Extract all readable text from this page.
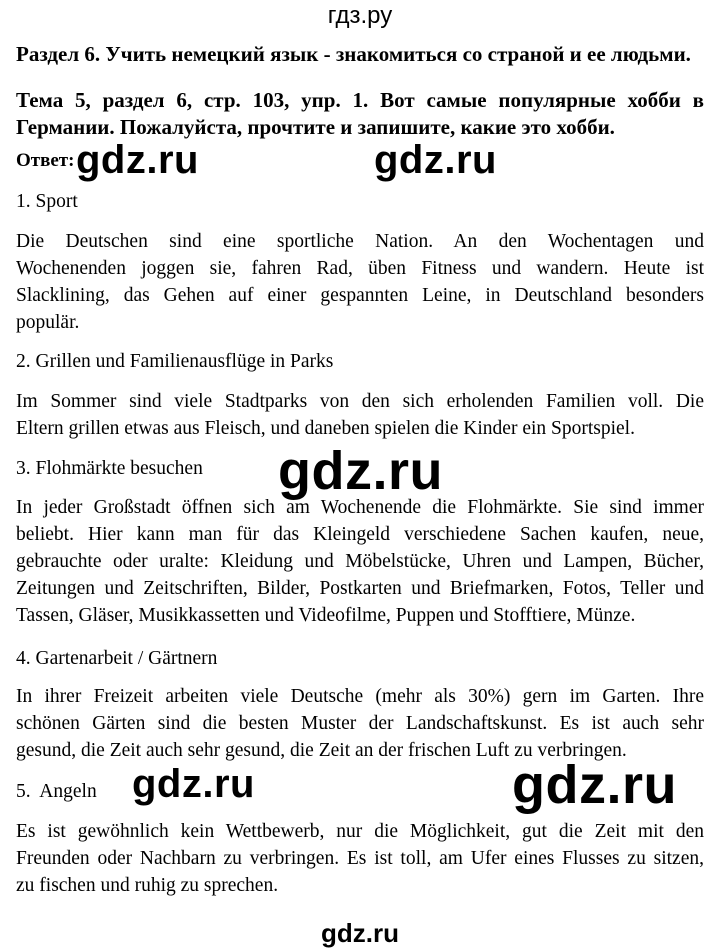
гдз.ру
Раздел 6. Учить немецкий язык - знакомиться со страной и ее людьми.
Тема 5, раздел 6, стр. 103, упр. 1. Вот самые популярные хобби в
Германии. Пожалуйста, прочтите и запишите, какие это хобби.
Ответ: gdz.ru	gdz.ru
gdz.ru
gdz.ru	gdz.ru
1. Sport
Die Deutschen sind eine sportliche Nation. An den Wochentagen und
Wochenenden joggen sie, fahren Rad, üben Fitness und wandern. Heute ist
Slacklining, das Gehen auf einer gespannten Leine, in Deutschland besonders
populär.
2. Grillen und Familienausflüge in Parks
Im Sommer sind viele Stadtparks von den sich erholenden Familien voll. Die
Eltern grillen etwas aus Fleisch, und daneben spielen die Kinder ein Sportspiel.
3. Flohmärkte besuchen
In jeder Großstadt öffnen sich am Wochenende die Flohmärkte. Sie sind immer
beliebt. Hier kann man für das Kleingeld verschiedene Sachen kaufen, neue,
gebrauchte oder uralte: Kleidung und Möbelstücke, Uhren und Lampen, Bücher,
Zeitungen und Zeitschriften, Bilder, Postkarten und Briefmarken, Fotos, Teller und
Tassen, Gläser, Musikkassetten und Videofilme, Puppen und Stofftiere, Münze.
4. Gartenarbeit / Gärtnern
In ihrer Freizeit arbeiten viele Deutsche (mehr als 30%) gern im Garten. Ihre
schönen Gärten sind die besten Muster der Landschaftskunst. Es ist auch sehr
gesund, die Zeit auch sehr gesund, die Zeit an der frischen Luft zu verbringen.
5.  Angeln
Es ist gewöhnlich kein Wettbewerb, nur die Möglichkeit, gut die Zeit mit den
Freunden oder Nachbarn zu verbringen. Es ist toll, am Ufer eines Flusses zu sitzen,
zu fischen und ruhig zu sprechen.
gdz.ru
